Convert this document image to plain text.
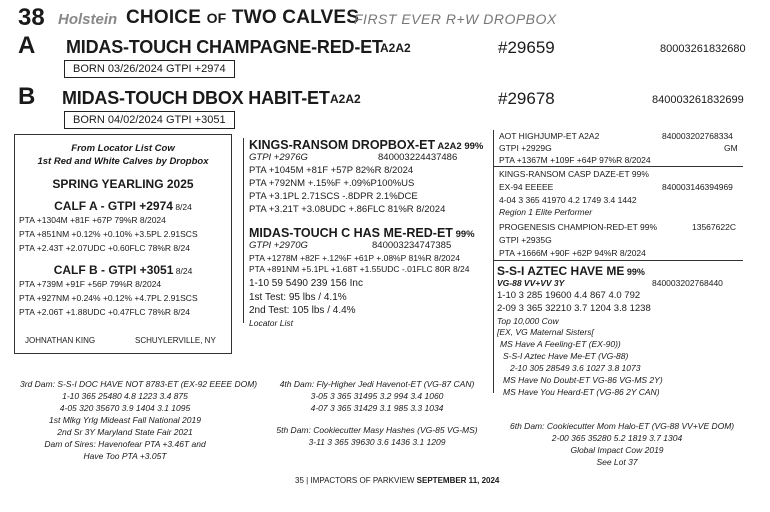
38 Holstein CHOICE OF TWO CALVES
FIRST EVER R+W DROPBOX
A MIDAS-TOUCH CHAMPAGNE-RED-ET
A2A2	#29659	80003261832680
BORN 03/26/2024 GTPI +2974
B MIDAS-TOUCH DBOX HABIT-ET A2A2	#29678	840003261832699
BORN 04/02/2024 GTPI +3051
From Locator List Cow
1st Red and White Calves by Dropbox
SPRING YEARLING 2025
CALF A - GTPI +2974 8/24
PTA +1304M +81F +67P 79%R 8/2024
PTA +851NM +0.12% +0.10% +3.5PL 2.91SCS
PTA +2.43T +2.07UDC +0.60FLC 78%R 8/24
CALF B - GTPI +3051 8/24
PTA +739M +91F +56P 79%R 8/2024
PTA +927NM +0.24% +0.12% +4.7PL 2.91SCS
PTA +2.06T +1.88UDC +0.47FLC 78%R 8/24
JOHNATHAN KING	SCHUYLERVILLE, NY
KINGS-RANSOM DROPBOX-ET A2A2 99%
GTPI +2976G	840003224437486
PTA +1045M +81F +57P 82%R 8/2024
PTA +792NM +.15%F +.09%P100%US
PTA +3.1PL 2.71SCS -.8DPR 2.1%DCE
PTA +3.21T +3.08UDC +.86FLC 81%R 8/2024
MIDAS-TOUCH C HAS ME-RED-ET 99%
GTPI +2970G	840003234747385
PTA +1278M +82F +.12%F +61P +.08%P 81%R 8/2024
PTA +891NM +5.1PL +1.68T +1.55UDC -.01FLC 80R 8/24
1-10 59 5490 239 156 Inc
1st Test: 95 lbs / 4.1%
2nd Test: 105 lbs / 4.4%
Locator List
AOT HIGHJUMP-ET A2A2	840003202768334
GTPI +2929G	GM
PTA +1367M +109F +64P 97%R 8/2024
KINGS-RANSOM CASP DAZE-ET 99%
EX-94 EEEEE	840003146394969
4-04 3 365 41970 4.2 1749 3.4 1442
Region 1 Elite Performer
PROGENESIS CHAMPION-RED-ET 99%	13567622C
GTPI +2935G
PTA +1666M +90F +62P 94%R 8/2024
S-S-I AZTEC HAVE ME 99%
VG-88 VV+VV 3Y	840003202768440
1-10 3 285 19600 4.4 867 4.0 792
2-09 3 365 32210 3.7 1204 3.8 1238
Top 10,000 Cow
[EX, VG Maternal Sisters[
MS Have A Feeling-ET (EX-90))
S-S-I Aztec Have Me-ET (VG-88)
2-10 305 28549 3.6 1027 3.8 1073
MS Have No Doubt-ET VG-86 VG-MS 2Y)
MS Have You Heard-ET (VG-86 2Y CAN)
3rd Dam: S-S-I DOC HAVE NOT 8783-ET (EX-92 EEEE DOM)
1-10 365 25480 4.8 1223 3.4 875
4-05 320 35670 3.9 1404 3.1 1095
1st Mlkg Yrlg Mideast Fall National 2019
2nd Sr 3Y Maryland State Fair 2021
Dam of Sires: Havenofear PTA +3.46T and
Have Too PTA +3.05T
4th Dam: Fly-Higher Jedi Havenot-ET (VG-87 CAN)
3-05 3 365 31495 3.2 994 3.4 1060
4-07 3 365 31429 3.1 985 3.3 1034
5th Dam: Cookiecutter Masy Hashes (VG-85 VG-MS)
3-11 3 365 39630 3.6 1436 3.1 1209
6th Dam: Cookiecutter Mom Halo-ET (VG-88 VV+VE DOM)
2-00 365 35280 5.2 1819 3.7 1304
Global Impact Cow 2019
See Lot 37
35 | IMPACTORS OF PARKVIEW SEPTEMBER 11, 2024
